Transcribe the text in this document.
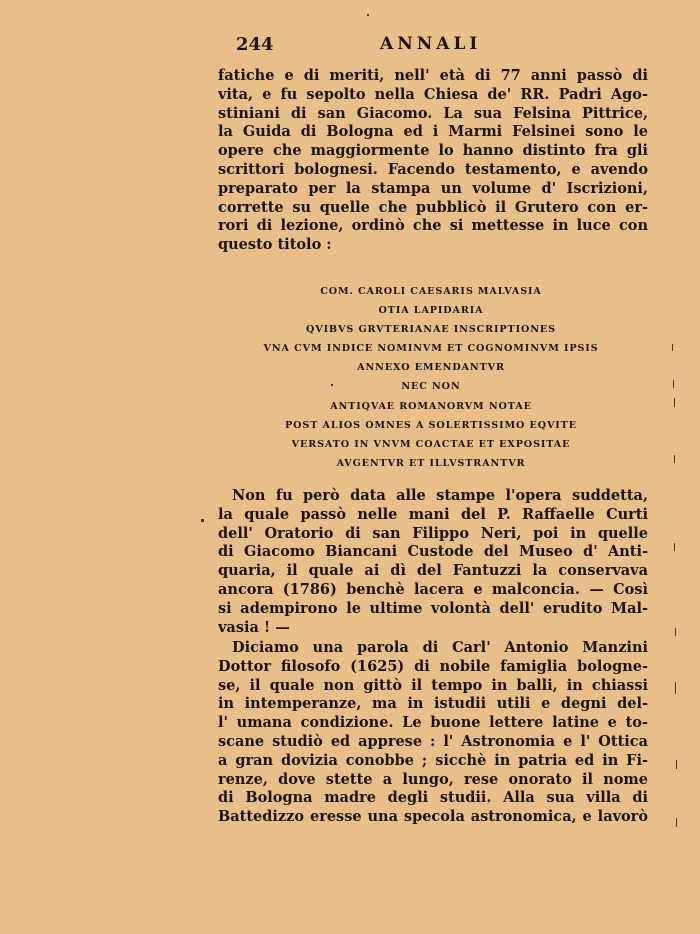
244	ANNALI
fatiche e di meriti, nell' età di 77 anni passò di
vita, e fu sepolto nella Chiesa de' RR. Padri Ago-
stiniani di san Giacomo. La sua Felsina Pittrice,
la Guida di Bologna ed i Marmi Felsinei sono le
opere che maggiormente lo hanno distinto fra gli
scrittori bolognesi. Facendo testamento, e avendo
preparato per la stampa un volume d' Iscrizioni,
corrette su quelle che pubblicò il Grutero con er-
rori di lezione, ordinò che si mettesse in luce con
questo titolo :
COM. CAROLI CAESARIS MALVASIA
OTIA LAPIDARIA
QVIBVS GRVTERIANAE INSCRIPTIONES
VNA CVM INDICE NOMINVM ET COGNOMINVM IPSIS
ANNEXO EMENDANTVR
NEC NON
ANTIQVAE ROMANORVM NOTAE
POST ALIOS OMNES A SOLERTISSIMO EQVITE
VERSATO IN VNVM COACTAE ET EXPOSITAE
AVGENTVR ET ILLVSTRANTVR
Non fu però data alle stampe l'opera suddetta,
la quale passò nelle mani del P. Raffaelle Curti
dell' Oratorio di san Filippo Neri, poi in quelle
di Giacomo Biancani Custode del Museo d' Anti-
quaria, il quale ai dì del Fantuzzi la conservava
ancora (1786) benchè lacera e malconcia. — Così
si adempirono le ultime volontà dell' erudito Mal-
vasia ! —
Diciamo una parola di Carl' Antonio Manzini
Dottor filosofo (1625) di nobile famiglia bologne-
se, il quale non gittò il tempo in balli, in chiassi
in intemperanze, ma in istudii utili e degni del-
l' umana condizione. Le buone lettere latine e to-
scane studiò ed apprese : l' Astronomia e l' Ottica
a gran dovizia conobbe ; sicchè in patria ed in Fi-
renze, dove stette a lungo, rese onorato il nome
di Bologna madre degli studii. Alla sua villa di
Battedizzo eresse una specola astronomica, e lavorò
